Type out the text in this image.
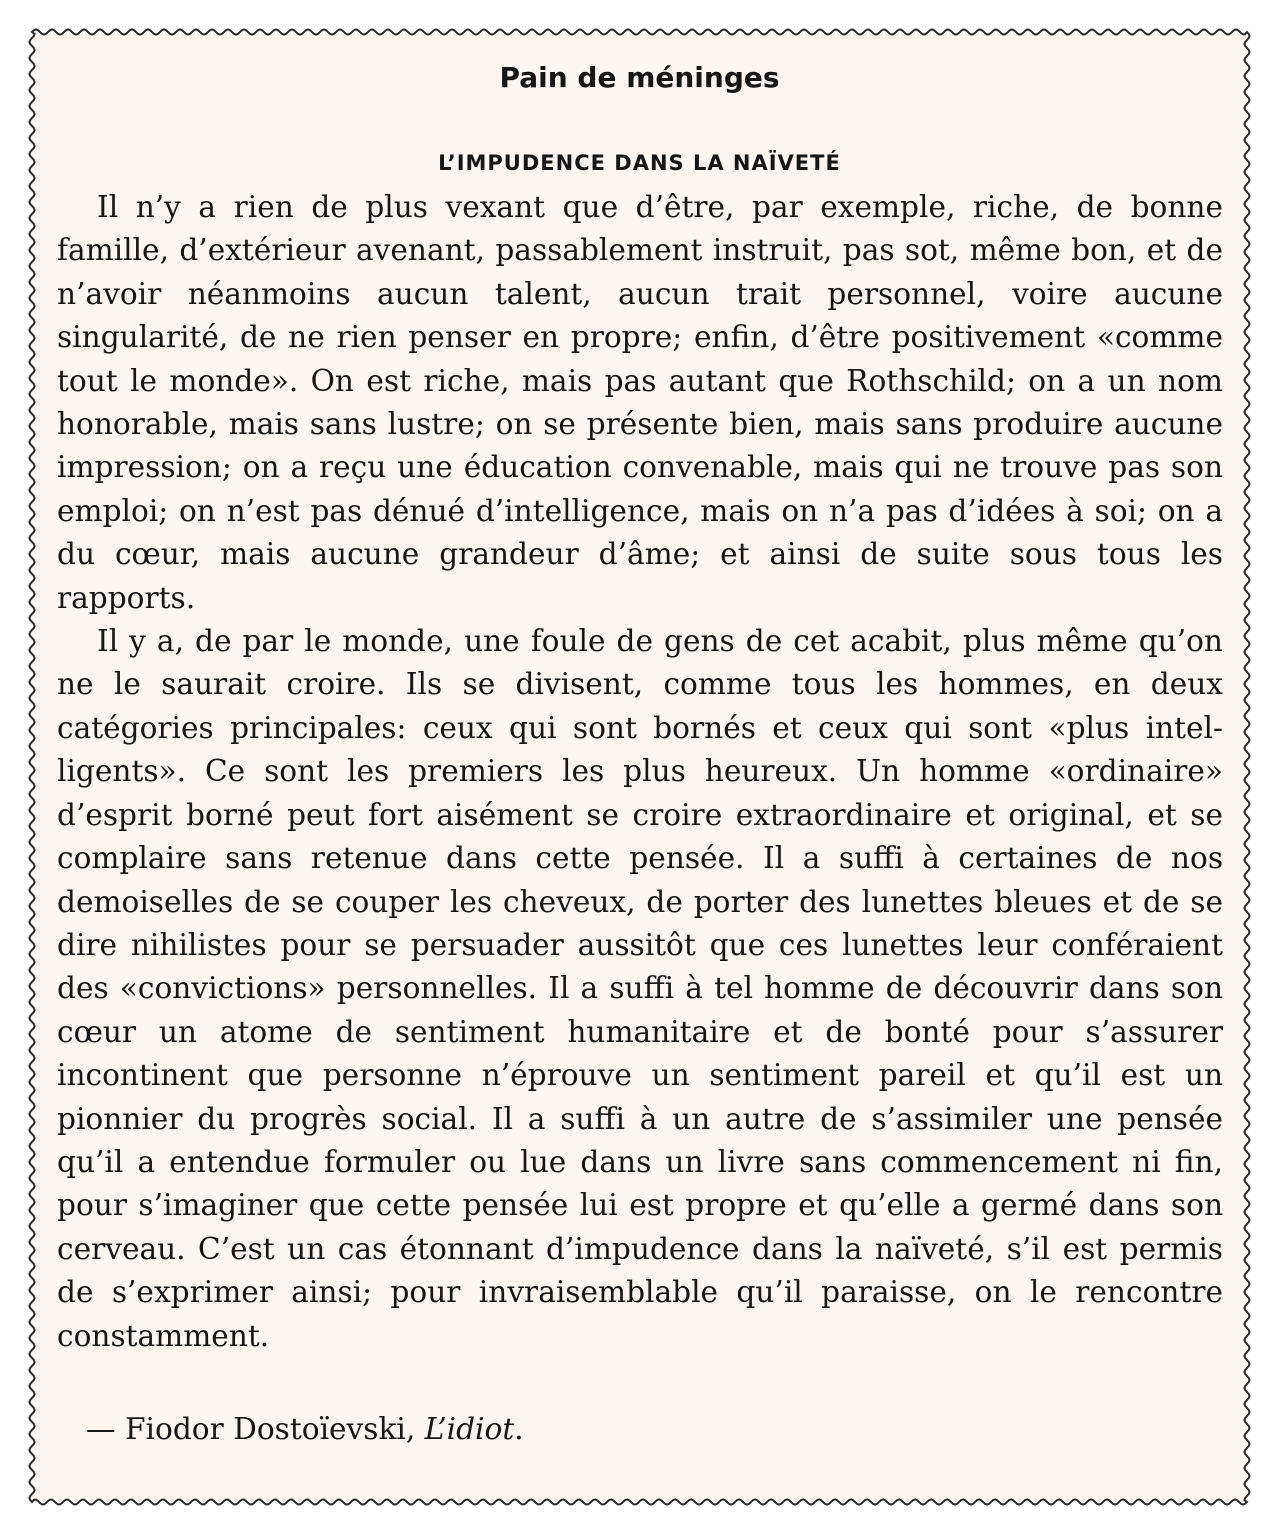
Pain de méninges
L’IMPUDENCE DANS LA NAÏVETÉ

Il n’y a rien de plus vexant que d’être, par exemple, riche, de bonne famille, d’extérieur avenant, passablement instruit, pas sot, même bon, et de n’avoir néanmoins aucun talent, aucun trait personnel, voire aucune singularité, de ne rien penser en propre; enfin, d’être positivement «comme tout le monde». On est riche, mais pas autant que Rothschild; on a un nom honorable, mais sans lustre; on se présente bien, mais sans produire aucune impression; on a reçu une éducation convenable, mais qui ne trouve pas son emploi; on n’est pas dénué d’intelligence, mais on n’a pas d’idées à soi; on a du cœur, mais aucune grandeur d’âme; et ainsi de suite sous tous les rapports.

Il y a, de par le monde, une foule de gens de cet acabit, plus même qu’on ne le saurait croire. Ils se divisent, comme tous les hommes, en deux catégories principales: ceux qui sont bornés et ceux qui sont «plus intelligents». Ce sont les premiers les plus heureux. Un homme «ordinaire» d’esprit borné peut fort aisément se croire extraordinaire et original, et se complaire sans retenue dans cette pensée. Il a suffi à certaines de nos demoiselles de se couper les cheveux, de porter des lunettes bleues et de se dire nihilistes pour se persuader aussitôt que ces lunettes leur conféraient des «convictions» personnelles. Il a suffi à tel homme de découvrir dans son cœur un atome de sentiment humanitaire et de bonté pour s’assurer incontinent que personne n’éprouve un sentiment pareil et qu’il est un pionnier du progrès social. Il a suffi à un autre de s’assimiler une pensée qu’il a entendue formuler ou lue dans un livre sans commencement ni fin, pour s’imaginer que cette pensée lui est propre et qu’elle a germé dans son cerveau. C’est un cas étonnant d’impudence dans la naïveté, s’il est permis de s’exprimer ainsi; pour invraisemblable qu’il paraisse, on le rencontre constamment.

— Fiodor Dostoïevski, L’idiot.
